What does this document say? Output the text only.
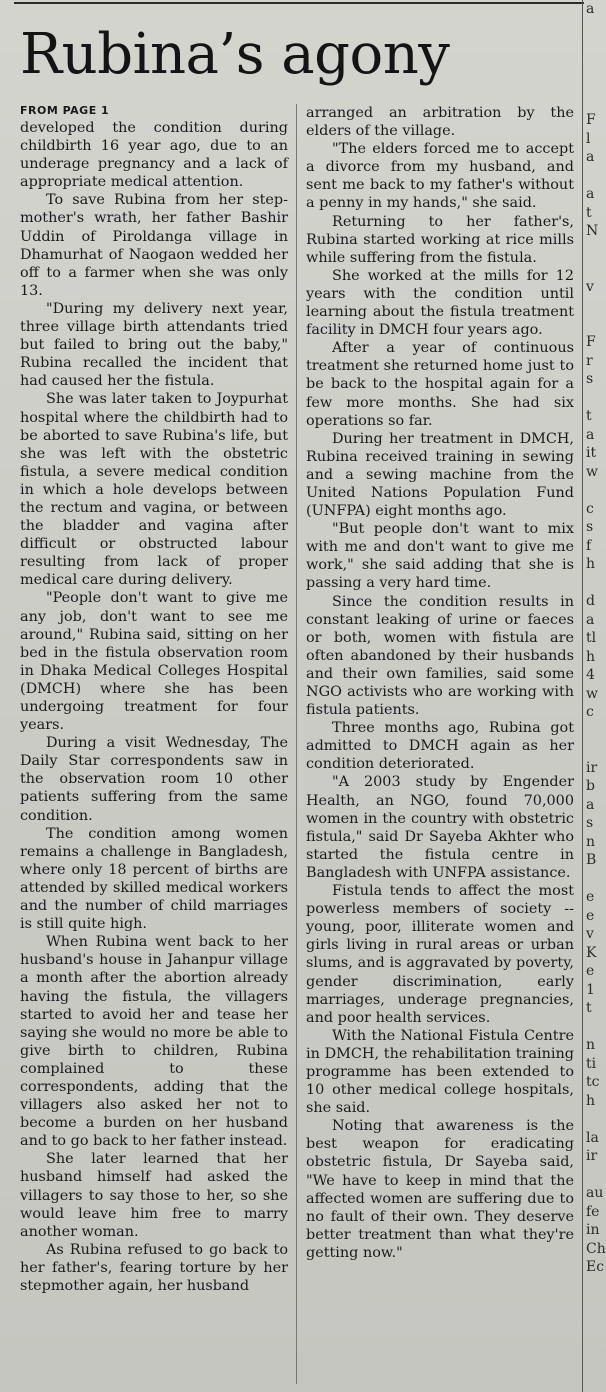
Rubina’s agony
FROM PAGE 1

developed the condition during childbirth 16 year ago, due to an underage pregnancy and a lack of appropriate medical attention.

To save Rubina from her step-mother's wrath, her father Bashir Uddin of Piroldanga village in Dhamurhat of Naogaon wedded her off to a farmer when she was only 13.

"During my delivery next year, three village birth attendants tried but failed to bring out the baby," Rubina recalled the incident that had caused her the fistula.

She was later taken to Joypurhat hospital where the childbirth had to be aborted to save Rubina's life, but she was left with the obstetric fistula, a severe medical condition in which a hole develops between the rectum and vagina, or between the bladder and vagina after difficult or obstructed labour resulting from lack of proper medical care during delivery.

"People don't want to give me any job, don't want to see me around," Rubina said, sitting on her bed in the fistula observation room in Dhaka Medical Colleges Hospital (DMCH) where she has been undergoing treatment for four years.

During a visit Wednesday, The Daily Star correspondents saw in the observation room 10 other patients suffering from the same condition.

The condition among women remains a challenge in Bangladesh, where only 18 percent of births are attended by skilled medical workers and the number of child marriages is still quite high.

When Rubina went back to her husband's house in Jahanpur village a month after the abortion already having the fistula, the villagers started to avoid her and tease her saying she would no more be able to give birth to children, Rubina complained to these correspondents, adding that the villagers also asked her not to become a burden on her husband and to go back to her father instead.

She later learned that her husband himself had asked the villagers to say those to her, so she would leave him free to marry another woman.

As Rubina refused to go back to her father's, fearing torture by her stepmother again, her husband

arranged an arbitration by the elders of the village.

"The elders forced me to accept a divorce from my husband, and sent me back to my father's without a penny in my hands," she said.

Returning to her father's, Rubina started working at rice mills while suffering from the fistula.

She worked at the mills for 12 years with the condition until learning about the fistula treatment facility in DMCH four years ago.

After a year of continuous treatment she returned home just to be back to the hospital again for a few more months. She had six operations so far.

During her treatment in DMCH, Rubina received training in sewing and a sewing machine from the United Nations Population Fund (UNFPA) eight months ago.

"But people don't want to mix with me and don't want to give me work," she said adding that she is passing a very hard time.

Since the condition results in constant leaking of urine or faeces or both, women with fistula are often abandoned by their husbands and their own families, said some NGO activists who are working with fistula patients.

Three months ago, Rubina got admitted to DMCH again as her condition deteriorated.

"A 2003 study by Engender Health, an NGO, found 70,000 women in the country with obstetric fistula," said Dr Sayeba Akhter who started the fistula centre in Bangladesh with UNFPA assistance.

Fistula tends to affect the most powerless members of society -- young, poor, illiterate women and girls living in rural areas or urban slums, and is aggravated by poverty, gender discrimination, early marriages, underage pregnancies, and poor health services.

With the National Fistula Centre in DMCH, the rehabilitation training programme has been extended to 10 other medical college hospitals, she said.

Noting that awareness is the best weapon for eradicating obstetric fistula, Dr Sayeba said, "We have to keep in mind that the affected women are suffering due to no fault of their own. They deserve better treatment than what they're getting now."

a

F
l
a

a
t
N

v

F
r
s

t
a
it
w

c
s
f
h

d
a
tl
h
4
w
c

ir
b
a
s
n
B

e
e
v
K
e
1
t

n
ti
tc
h

la
ir

au
fe
in
Ch
Ec
